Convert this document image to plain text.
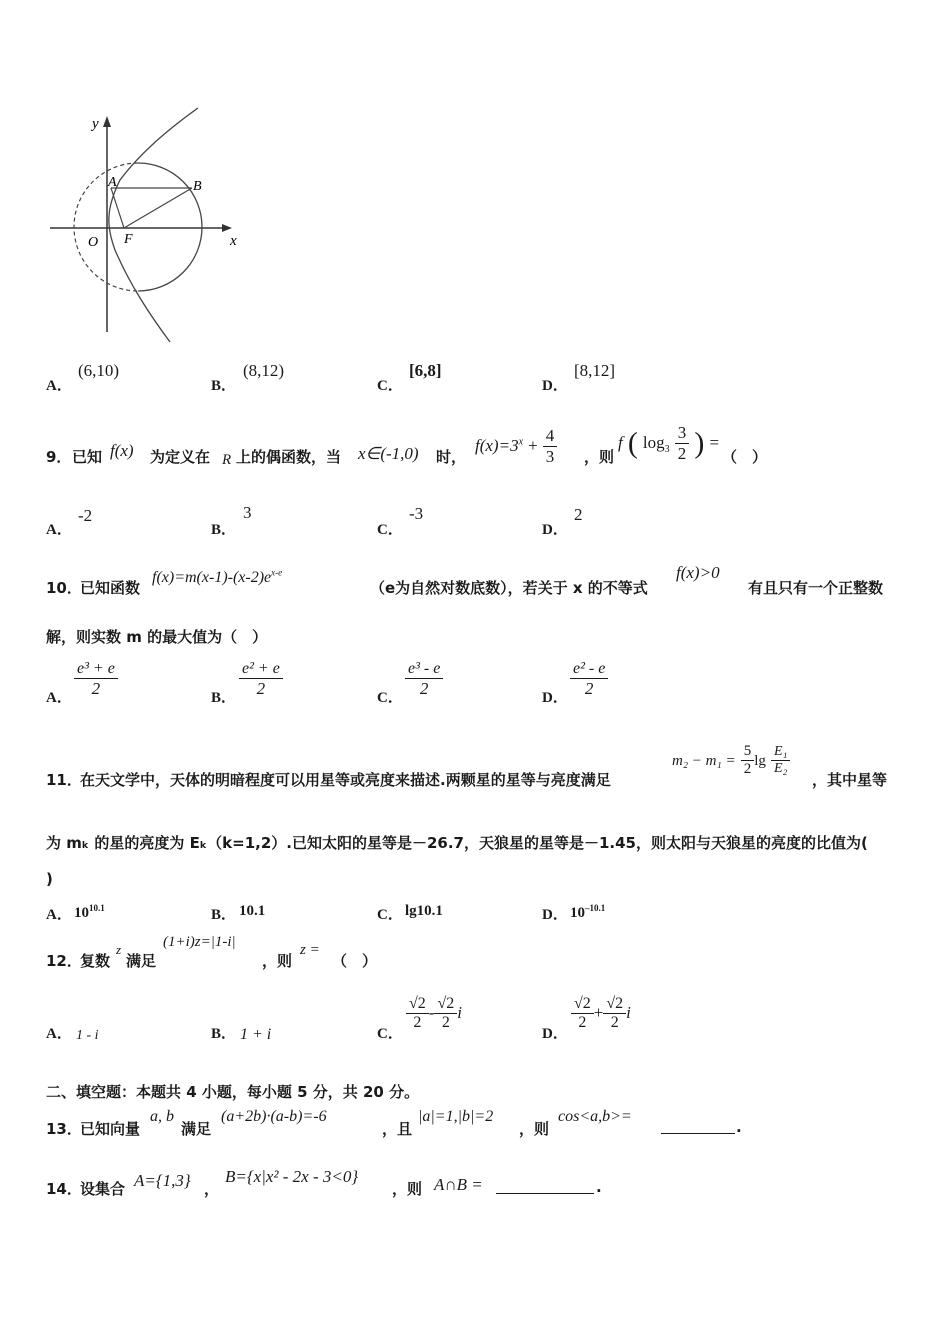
y
x
A	B
O F
A．
(6,10)
B．
(8,12)
C．
[6,8]
D．
[8,12]
9． 已知 f(x) 为定义在 R 上的偶函数，当 x∈(-1,0) 时，
$f(x)=3^x + \frac{4}{3}$ ，则
f ( $\log_3 \frac{3}{2}$ ) =
（　）
A．
-2
B．
3
C．
-3
D．
2
10．
已知函数
$f(x)=m(x-1)-(x-2)e^{x-e}$
（e为自然对数底数），若关于 x 的不等式
f(x)>0
有且只有一个正整数
解，则实数 m 的最大值为（　）
A． $\frac{\text{e³ + e}}{2}$	B． $\frac{\text{e² + e}}{2}$	C． $\frac{\text{e³ - e}}{2}$	D． $\frac{\text{e² - e}}{2}$
11．
在天文学中，天体的明暗程度可以用星等或亮度来描述.两颗星的星等与亮度满足
$m_2 - m_1 = \frac{5}{2}$ $\lg \frac{\text{E₁}}{\text{E₂}}$
，其中星等
为 mₖ 的星的亮度为 Eₖ（k=1,2）.已知太阳的星等是－26.7，天狼星的星等是－1.45，则太阳与天狼星的亮度的比值为(
)
A． $10^{10.1}$	B． 10.1	C． lg10.1	D． $10^{-10.1}$
12．
复数
z
满足
(1+i)z=|1-i|
，则
z =
（　）
A． 1 - i	B． 1 + i	C．
$\frac{√2}{2} - \frac{√2}{2}$ i
D．
$\frac{√2}{2} + \frac{√2}{2}$ i
二、填空题：本题共 4 小题，每小题 5 分，共 20 分。
13．
已知向量
a, b
满足
(a+2b)·(a-b)=-6
，且
|a|=1,|b|=2
，则
cos<a,b>=
.
14．
设集合 A={1,3} ，
B={x|x² - 2x - 3<0}
，则 A∩B =	.
